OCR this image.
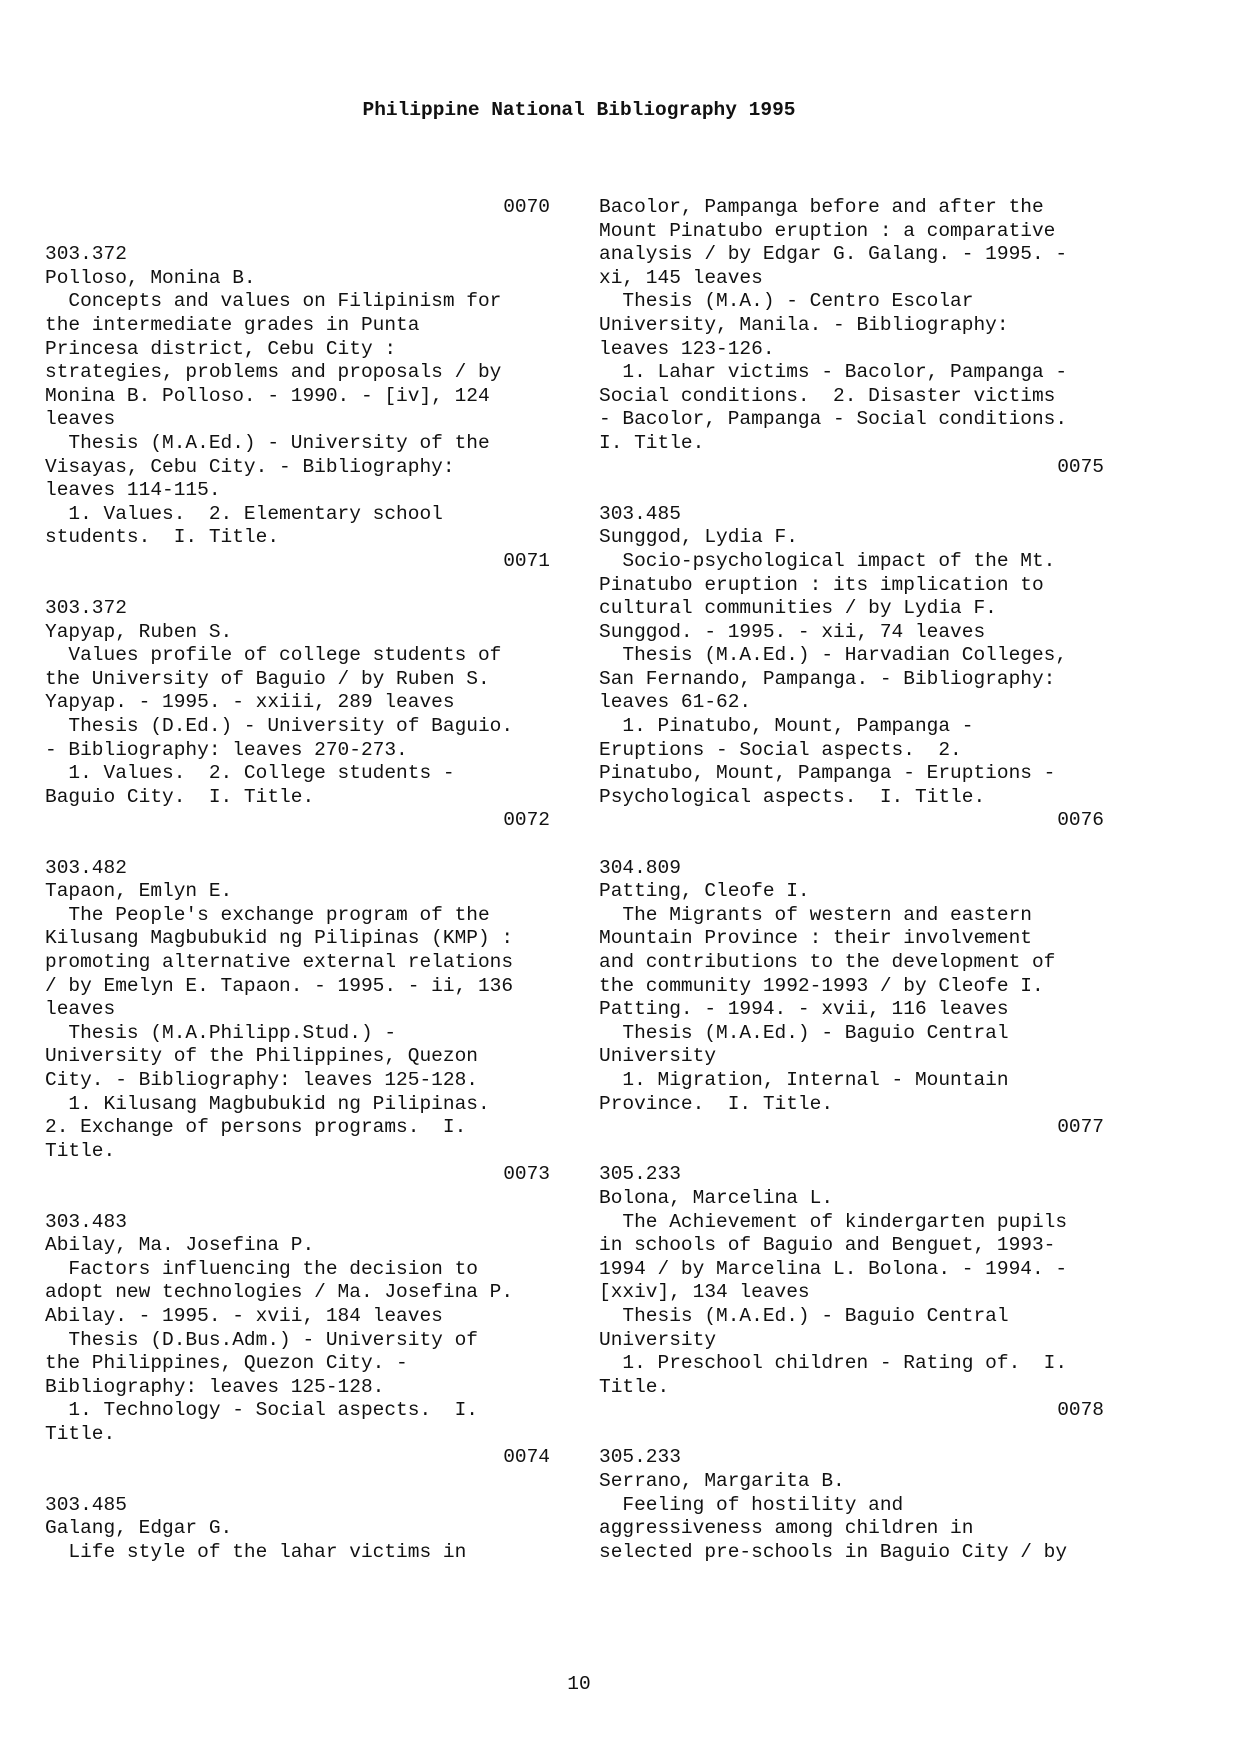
Philippine National Bibliography 1995
0070
303.372
Polloso, Monina B.
Concepts and values on Filipinism for
the intermediate grades in Punta
Princesa district, Cebu City :
strategies, problems and proposals / by
Monina B. Polloso. - 1990. - [iv], 124
leaves
Thesis (M.A.Ed.) - University of the
Visayas, Cebu City. - Bibliography:
leaves 114-115.
1. Values.  2. Elementary school
students.  I. Title.
0071
303.372
Yapyap, Ruben S.
Values profile of college students of
the University of Baguio / by Ruben S.
Yapyap. - 1995. - xxiii, 289 leaves
Thesis (D.Ed.) - University of Baguio.
- Bibliography: leaves 270-273.
1. Values.  2. College students -
Baguio City.  I. Title.
0072
303.482
Tapaon, Emlyn E.
The People's exchange program of the
Kilusang Magbubukid ng Pilipinas (KMP) :
promoting alternative external relations
/ by Emelyn E. Tapaon. - 1995. - ii, 136
leaves
Thesis (M.A.Philipp.Stud.) -
University of the Philippines, Quezon
City. - Bibliography: leaves 125-128.
1. Kilusang Magbubukid ng Pilipinas.
2. Exchange of persons programs.  I.
Title.
0073
303.483
Abilay, Ma. Josefina P.
Factors influencing the decision to
adopt new technologies / Ma. Josefina P.
Abilay. - 1995. - xvii, 184 leaves
Thesis (D.Bus.Adm.) - University of
the Philippines, Quezon City. -
Bibliography: leaves 125-128.
1. Technology - Social aspects.  I.
Title.
0074
303.485
Galang, Edgar G.
Life style of the lahar victims in
Bacolor, Pampanga before and after the
Mount Pinatubo eruption : a comparative
analysis / by Edgar G. Galang. - 1995. -
xi, 145 leaves
Thesis (M.A.) - Centro Escolar
University, Manila. - Bibliography:
leaves 123-126.
1. Lahar victims - Bacolor, Pampanga -
Social conditions.  2. Disaster victims
- Bacolor, Pampanga - Social conditions.
I. Title.
0075
303.485
Sunggod, Lydia F.
Socio-psychological impact of the Mt.
Pinatubo eruption : its implication to
cultural communities / by Lydia F.
Sunggod. - 1995. - xii, 74 leaves
Thesis (M.A.Ed.) - Harvadian Colleges,
San Fernando, Pampanga. - Bibliography:
leaves 61-62.
1. Pinatubo, Mount, Pampanga -
Eruptions - Social aspects.  2.
Pinatubo, Mount, Pampanga - Eruptions -
Psychological aspects.  I. Title.
0076
304.809
Patting, Cleofe I.
The Migrants of western and eastern
Mountain Province : their involvement
and contributions to the development of
the community 1992-1993 / by Cleofe I.
Patting. - 1994. - xvii, 116 leaves
Thesis (M.A.Ed.) - Baguio Central
University
1. Migration, Internal - Mountain
Province.  I. Title.
0077
305.233
Bolona, Marcelina L.
The Achievement of kindergarten pupils
in schools of Baguio and Benguet, 1993-
1994 / by Marcelina L. Bolona. - 1994. -
[xxiv], 134 leaves
Thesis (M.A.Ed.) - Baguio Central
University
1. Preschool children - Rating of.  I.
Title.
0078
305.233
Serrano, Margarita B.
Feeling of hostility and
aggressiveness among children in
selected pre-schools in Baguio City / by
10
